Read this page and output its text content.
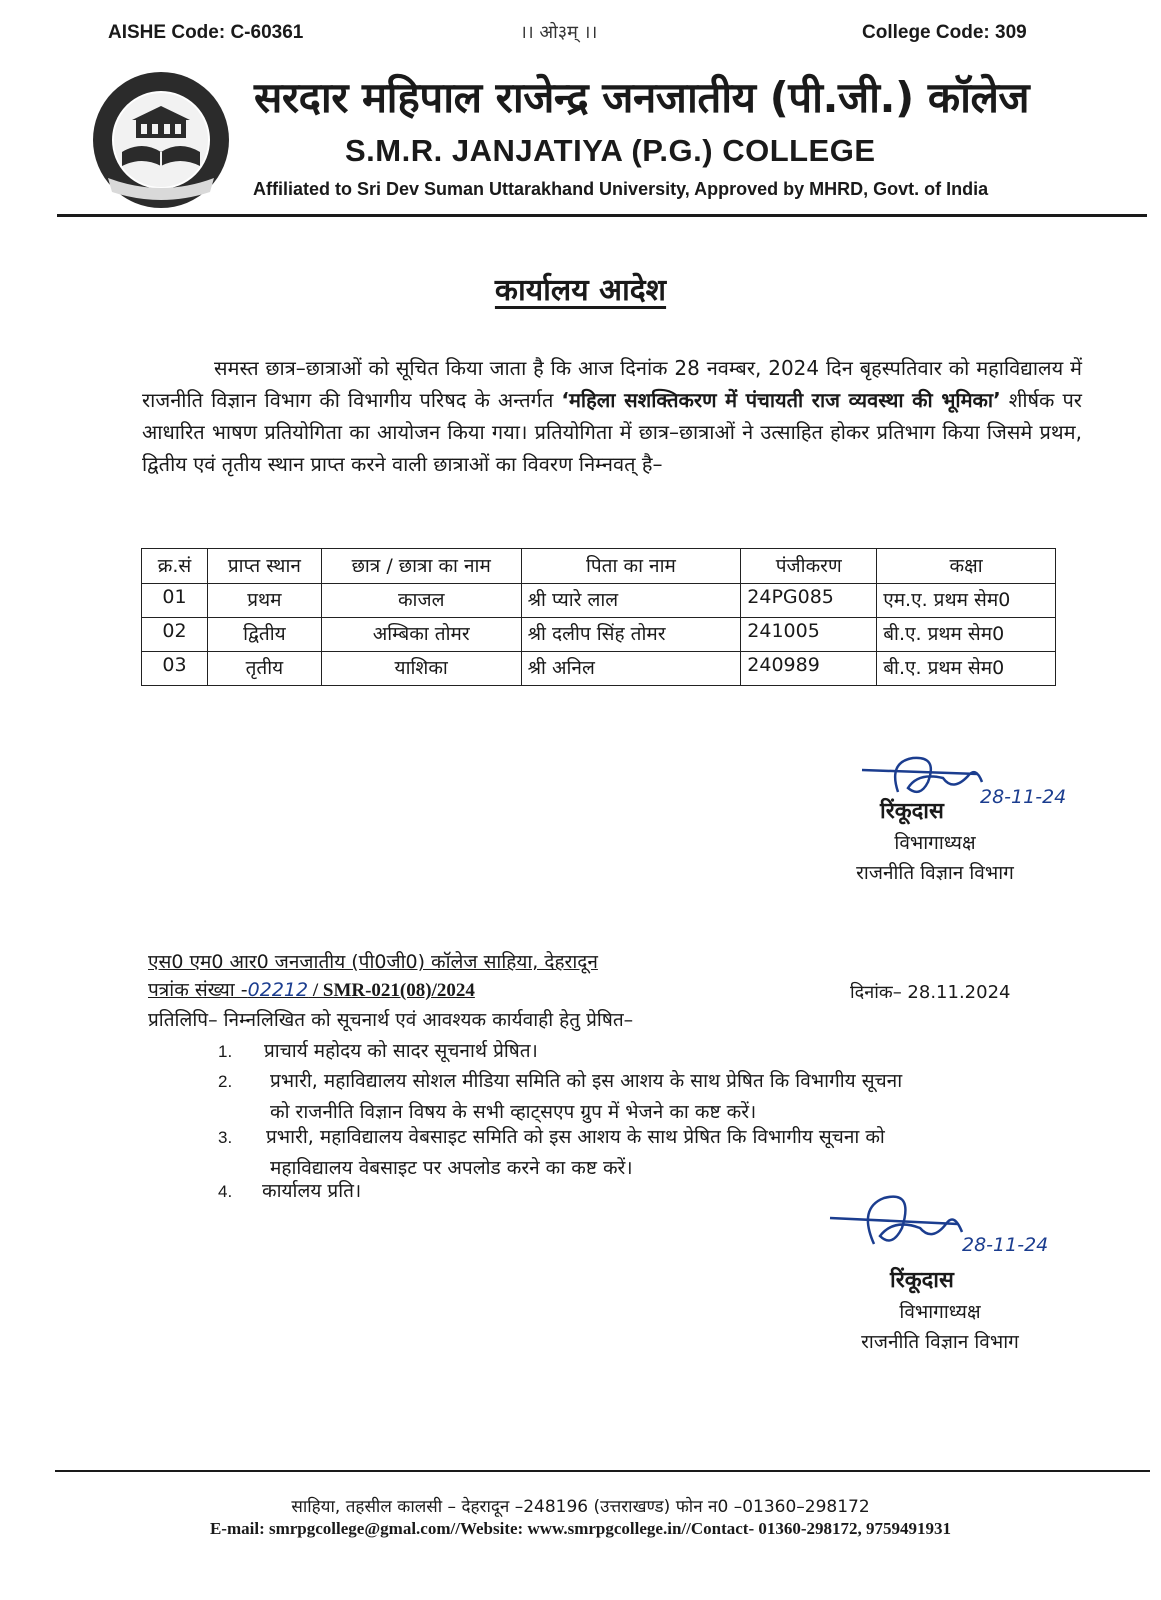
AISHE Code: C-60361	।। ओ३म् ।।	College Code: 309
सरदार महिपाल राजेन्द्र जनजातीय (पी.जी.) कॉलेज
S.M.R. JANJATIYA (P.G.) COLLEGE
Affiliated to Sri Dev Suman Uttarakhand University, Approved by MHRD, Govt. of India
कार्यालय आदेश
समस्त छात्र–छात्राओं को सूचित किया जाता है कि आज दिनांक 28 नवम्बर, 2024 दिन बृहस्पतिवार को महाविद्यालय में राजनीति विज्ञान विभाग की विभागीय परिषद के अन्तर्गत ‘महिला सशक्तिकरण में पंचायती राज व्यवस्था की भूमिका’ शीर्षक पर आधारित भाषण प्रतियोगिता का आयोजन किया गया। प्रतियोगिता में छात्र–छात्राओं ने उत्साहित होकर प्रतिभाग किया जिसमे प्रथम, द्वितीय एवं तृतीय स्थान प्राप्त करने वाली छात्राओं का विवरण निम्नवत् है–
क्र.सं	प्राप्त स्थान	छात्र / छात्रा का नाम	पिता का नाम	पंजीकरण	कक्षा
01	प्रथम	काजल	श्री प्यारे लाल	24PG085	एम.ए. प्रथम सेम0
02	द्वितीय	अम्बिका तोमर	श्री दलीप सिंह तोमर	241005	बी.ए. प्रथम सेम0
03	तृतीय	याशिका	श्री अनिल	240989	बी.ए. प्रथम सेम0
28-11-24
रिंकूदास
विभागाध्यक्ष
राजनीति विज्ञान विभाग
एस0 एम0 आर0 जनजातीय (पी0जी0) कॉलेज साहिया, देहरादून
पत्रांक संख्या -02212 / SMR-021(08)/2024	दिनांक– 28.11.2024
प्रतिलिपि– निम्नलिखित को सूचनार्थ एवं आवश्यक कार्यवाही हेतु प्रेषित–
1.	प्राचार्य महोदय को सादर सूचनार्थ प्रेषित।
2.	प्रभारी, महाविद्यालय सोशल मीडिया समिति को इस आशय के साथ प्रेषित कि विभागीय सूचना
को राजनीति विज्ञान विषय के सभी व्हाट्सएप ग्रुप में भेजने का कष्ट करें।
3.	प्रभारी, महाविद्यालय वेबसाइट समिति को इस आशय के साथ प्रेषित कि विभागीय सूचना को
महाविद्यालय वेबसाइट पर अपलोड करने का कष्ट करें।
4.	कार्यालय प्रति।
28-11-24
रिंकूदास
विभागाध्यक्ष
राजनीति विज्ञान विभाग
साहिया, तहसील कालसी – देहरादून –248196 (उत्तराखण्ड) फोन न0 –01360–298172
E-mail: smrpgcollege@gmal.com//Website: www.smrpgcollege.in//Contact- 01360-298172, 9759491931
